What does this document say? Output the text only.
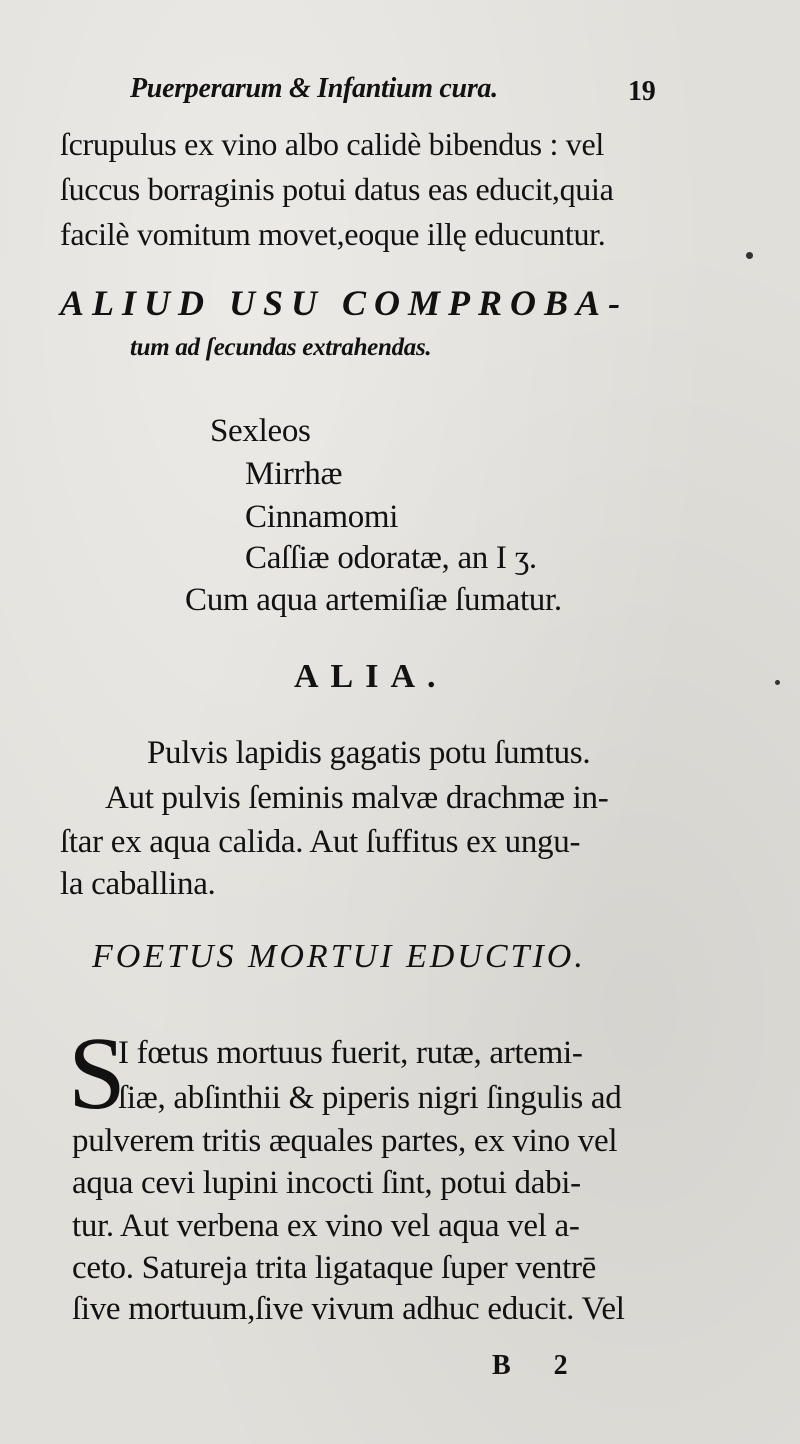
Puerperarum & Infantium cura.	19
ſcrupulus ex vino albo calidè bibendus : vel
ſuccus borraginis potui datus eas educit,quia
facilè vomitum movet,eoque illę educuntur.
ALIUD USU COMPROBA-
tum ad ſecundas extrahendas.
Sexleos
Mirrhæ
Cinnamomi
Caſſiæ odoratæ, an I ʒ.
Cum aqua artemiſiæ ſumatur.
ALIA.
Pulvis lapidis gagatis potu ſumtus.
Aut pulvis ſeminis malvæ drachmæ in-
ſtar ex aqua calida. Aut ſuffitus ex ungu-
la caballina.
FOETUS MORTUI EDUCTIO.
S
I fœtus mortuus fuerit, rutæ, artemi-
ſiæ, abſinthii & piperis nigri ſingulis ad
pulverem tritis æquales partes, ex vino vel
aqua cevi lupini incocti ſint, potui dabi-
tur. Aut verbena ex vino vel aqua vel a-
ceto. Satureja trita ligataque ſuper ventrē
ſive mortuum,ſive vivum adhuc educit. Vel
B 2
